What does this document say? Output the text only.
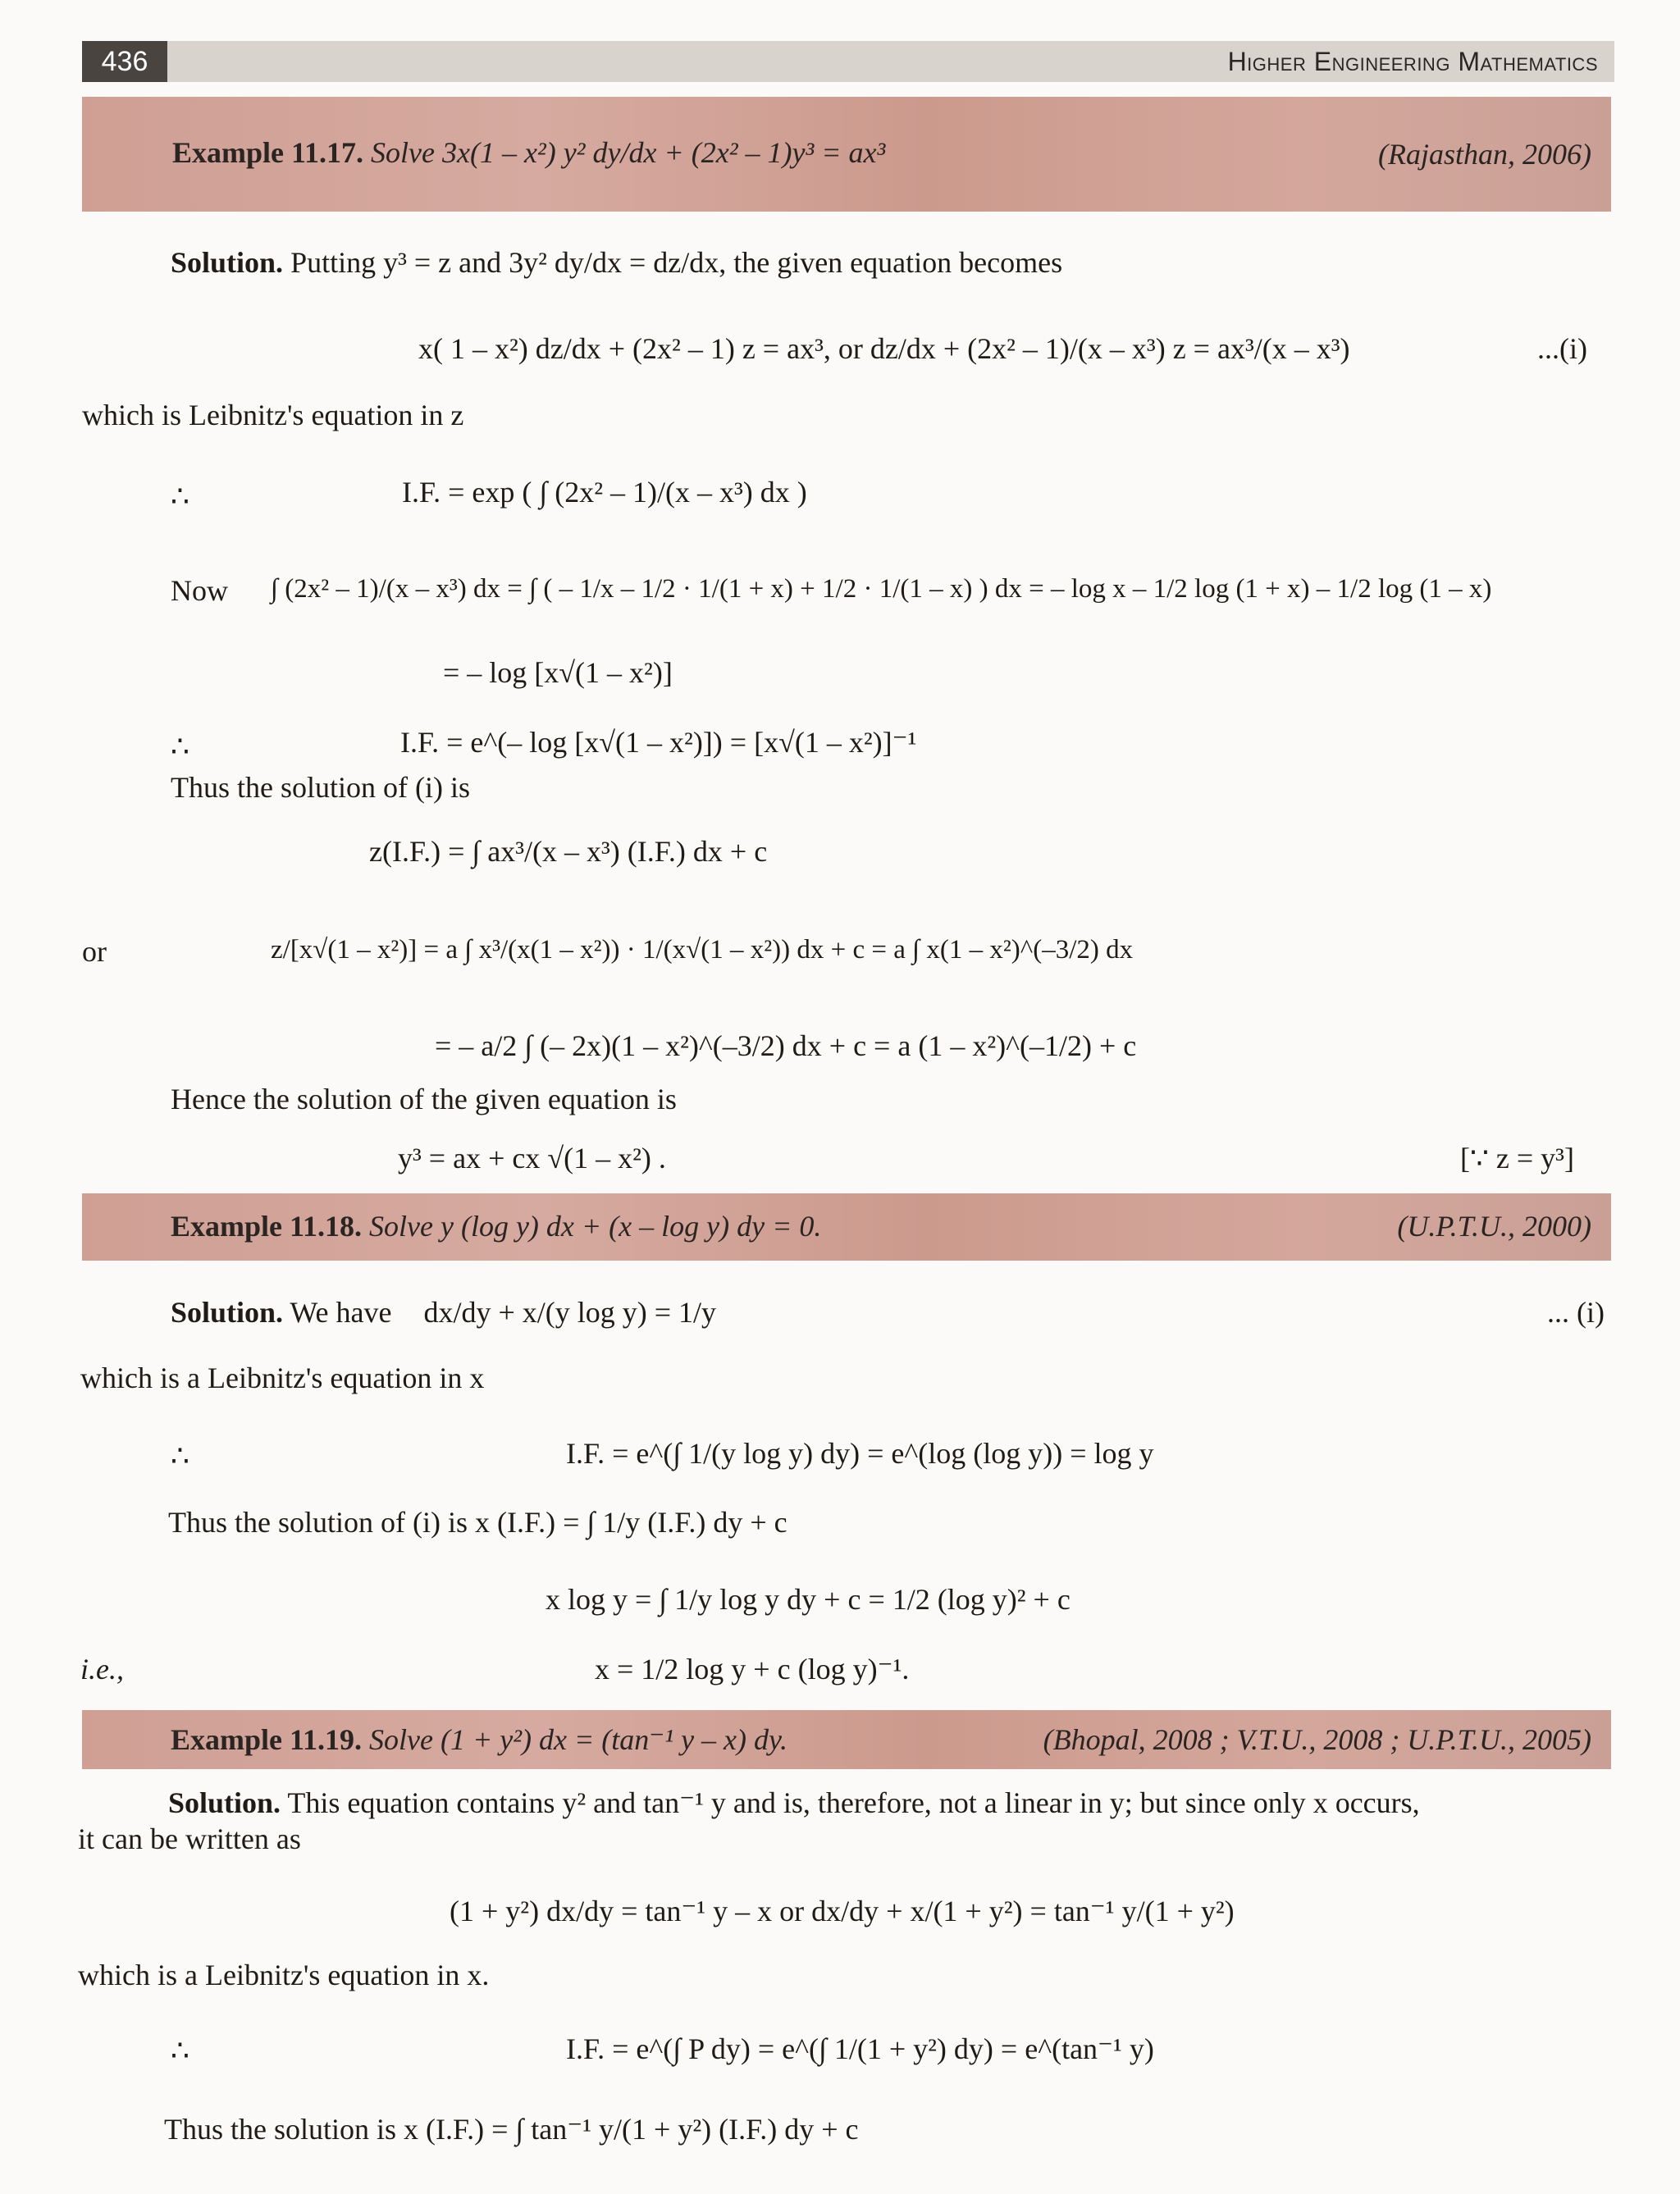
436	Higher Engineering Mathematics
Example 11.17. Solve 3x(1 – x²) y² dy/dx + (2x² – 1)y³ = ax³	(Rajasthan, 2006)
Solution. Putting y³ = z and 3y² dy/dx = dz/dx, the given equation becomes
x( 1 – x²) dz/dx + (2x² – 1) z = ax³, or dz/dx + (2x² – 1)/(x – x³) z = ax³/(x – x³)	...(i)
which is Leibnitz's equation in z
∴	I.F. = exp ( ∫ (2x² – 1)/(x – x³) dx )
Now ∫ (2x² – 1)/(x – x³) dx = ∫ ( – 1/x – 1/2 · 1/(1 + x) + 1/2 · 1/(1 – x) ) dx = – log x – 1/2 log (1 + x) – 1/2 log (1 – x)
= – log [x√(1 – x²)]
∴	I.F. = e^(– log [x√(1 – x²)]) = [x√(1 – x²)]⁻¹
Thus the solution of (i) is
z(I.F.) = ∫ ax³/(x – x³) (I.F.) dx + c
or	z/[x√(1 – x²)] = a ∫ x³/(x(1 – x²)) · 1/(x√(1 – x²)) dx + c = a ∫ x(1 – x²)^(–3/2) dx
= – a/2 ∫ (– 2x)(1 – x²)^(–3/2) dx + c = a (1 – x²)^(–1/2) + c
Hence the solution of the given equation is
y³ = ax + cx √(1 – x²) .	[∵ z = y³]
Example 11.18. Solve y (log y) dx + (x – log y) dy = 0.	(U.P.T.U., 2000)
Solution. We have dx/dy + x/(y log y) = 1/y	... (i)
which is a Leibnitz's equation in x
∴	I.F. = e^(∫ 1/(y log y) dy) = e^(log (log y)) = log y
Thus the solution of (i) is x (I.F.) = ∫ 1/y (I.F.) dy + c
x log y = ∫ 1/y log y dy + c = 1/2 (log y)² + c
i.e.,	x = 1/2 log y + c (log y)⁻¹.
Example 11.19. Solve (1 + y²) dx = (tan⁻¹ y – x) dy.	(Bhopal, 2008 ; V.T.U., 2008 ; U.P.T.U., 2005)
Solution. This equation contains y² and tan⁻¹ y and is, therefore, not a linear in y; but since only x occurs,
it can be written as
(1 + y²) dx/dy = tan⁻¹ y – x or dx/dy + x/(1 + y²) = tan⁻¹ y/(1 + y²)
which is a Leibnitz's equation in x.
∴	I.F. = e^(∫ P dy) = e^(∫ 1/(1 + y²) dy) = e^(tan⁻¹ y)
Thus the solution is x (I.F.) = ∫ tan⁻¹ y/(1 + y²) (I.F.) dy + c
